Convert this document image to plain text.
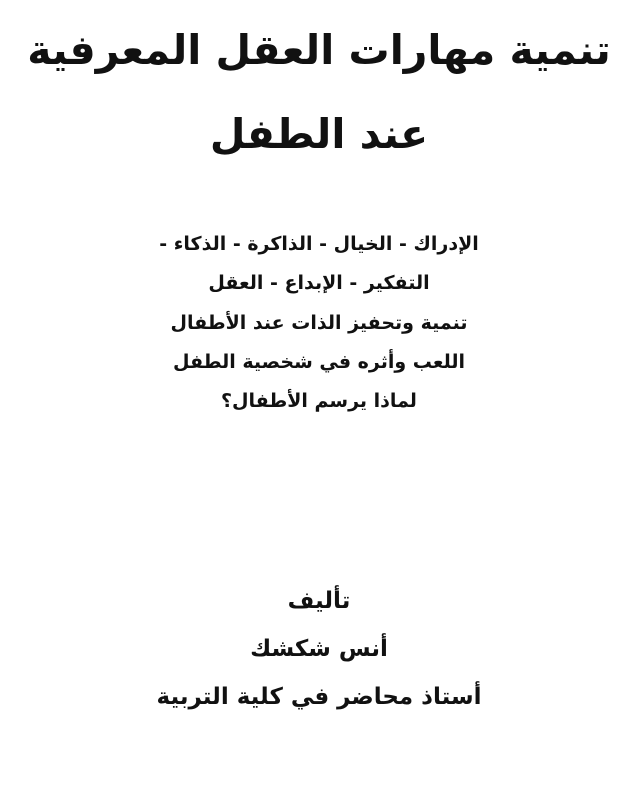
تنمية مهارات العقل المعرفية
عند الطفل
الإدراك - الخيال - الذاكرة - الذكاء -
التفكير - الإبداع - العقل
تنمية وتحفيز الذات عند الأطفال
اللعب وأثره في شخصية الطفل
لماذا يرسم الأطفال؟
تأليف
أنس شكشك
أستاذ محاضر في كلية التربية
